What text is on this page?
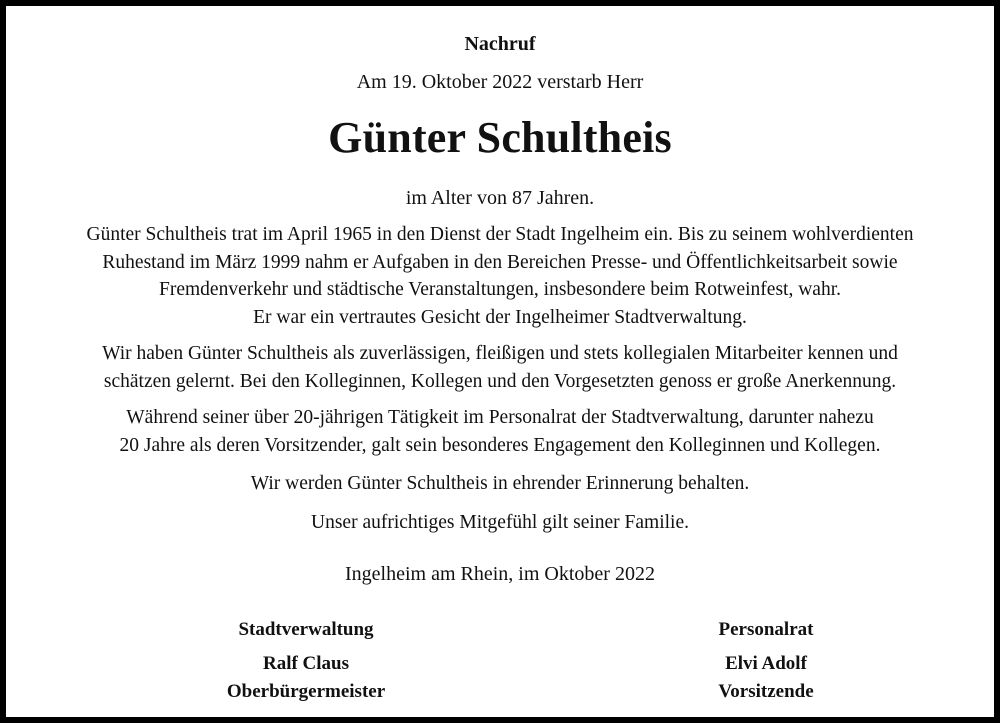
Nachruf

Am 19. Oktober 2022 verstarb Herr

Günter Schultheis

im Alter von 87 Jahren.

Günter Schultheis trat im April 1965 in den Dienst der Stadt Ingelheim ein. Bis zu seinem wohlverdienten
Ruhestand im März 1999 nahm er Aufgaben in den Bereichen Presse- und Öffentlichkeitsarbeit sowie
Fremdenverkehr und städtische Veranstaltungen, insbesondere beim Rotweinfest, wahr.
Er war ein vertrautes Gesicht der Ingelheimer Stadtverwaltung.

Wir haben Günter Schultheis als zuverlässigen, fleißigen und stets kollegialen Mitarbeiter kennen und
schätzen gelernt. Bei den Kolleginnen, Kollegen und den Vorgesetzten genoss er große Anerkennung.

Während seiner über 20-jährigen Tätigkeit im Personalrat der Stadtverwaltung, darunter nahezu
20 Jahre als deren Vorsitzender, galt sein besonderes Engagement den Kolleginnen und Kollegen.

Wir werden Günter Schultheis in ehrender Erinnerung behalten.

Unser aufrichtiges Mitgefühl gilt seiner Familie.

Ingelheim am Rhein, im Oktober 2022

Stadtverwaltung
Ralf Claus
Oberbürgermeister
Personalrat
Elvi Adolf
Vorsitzende
